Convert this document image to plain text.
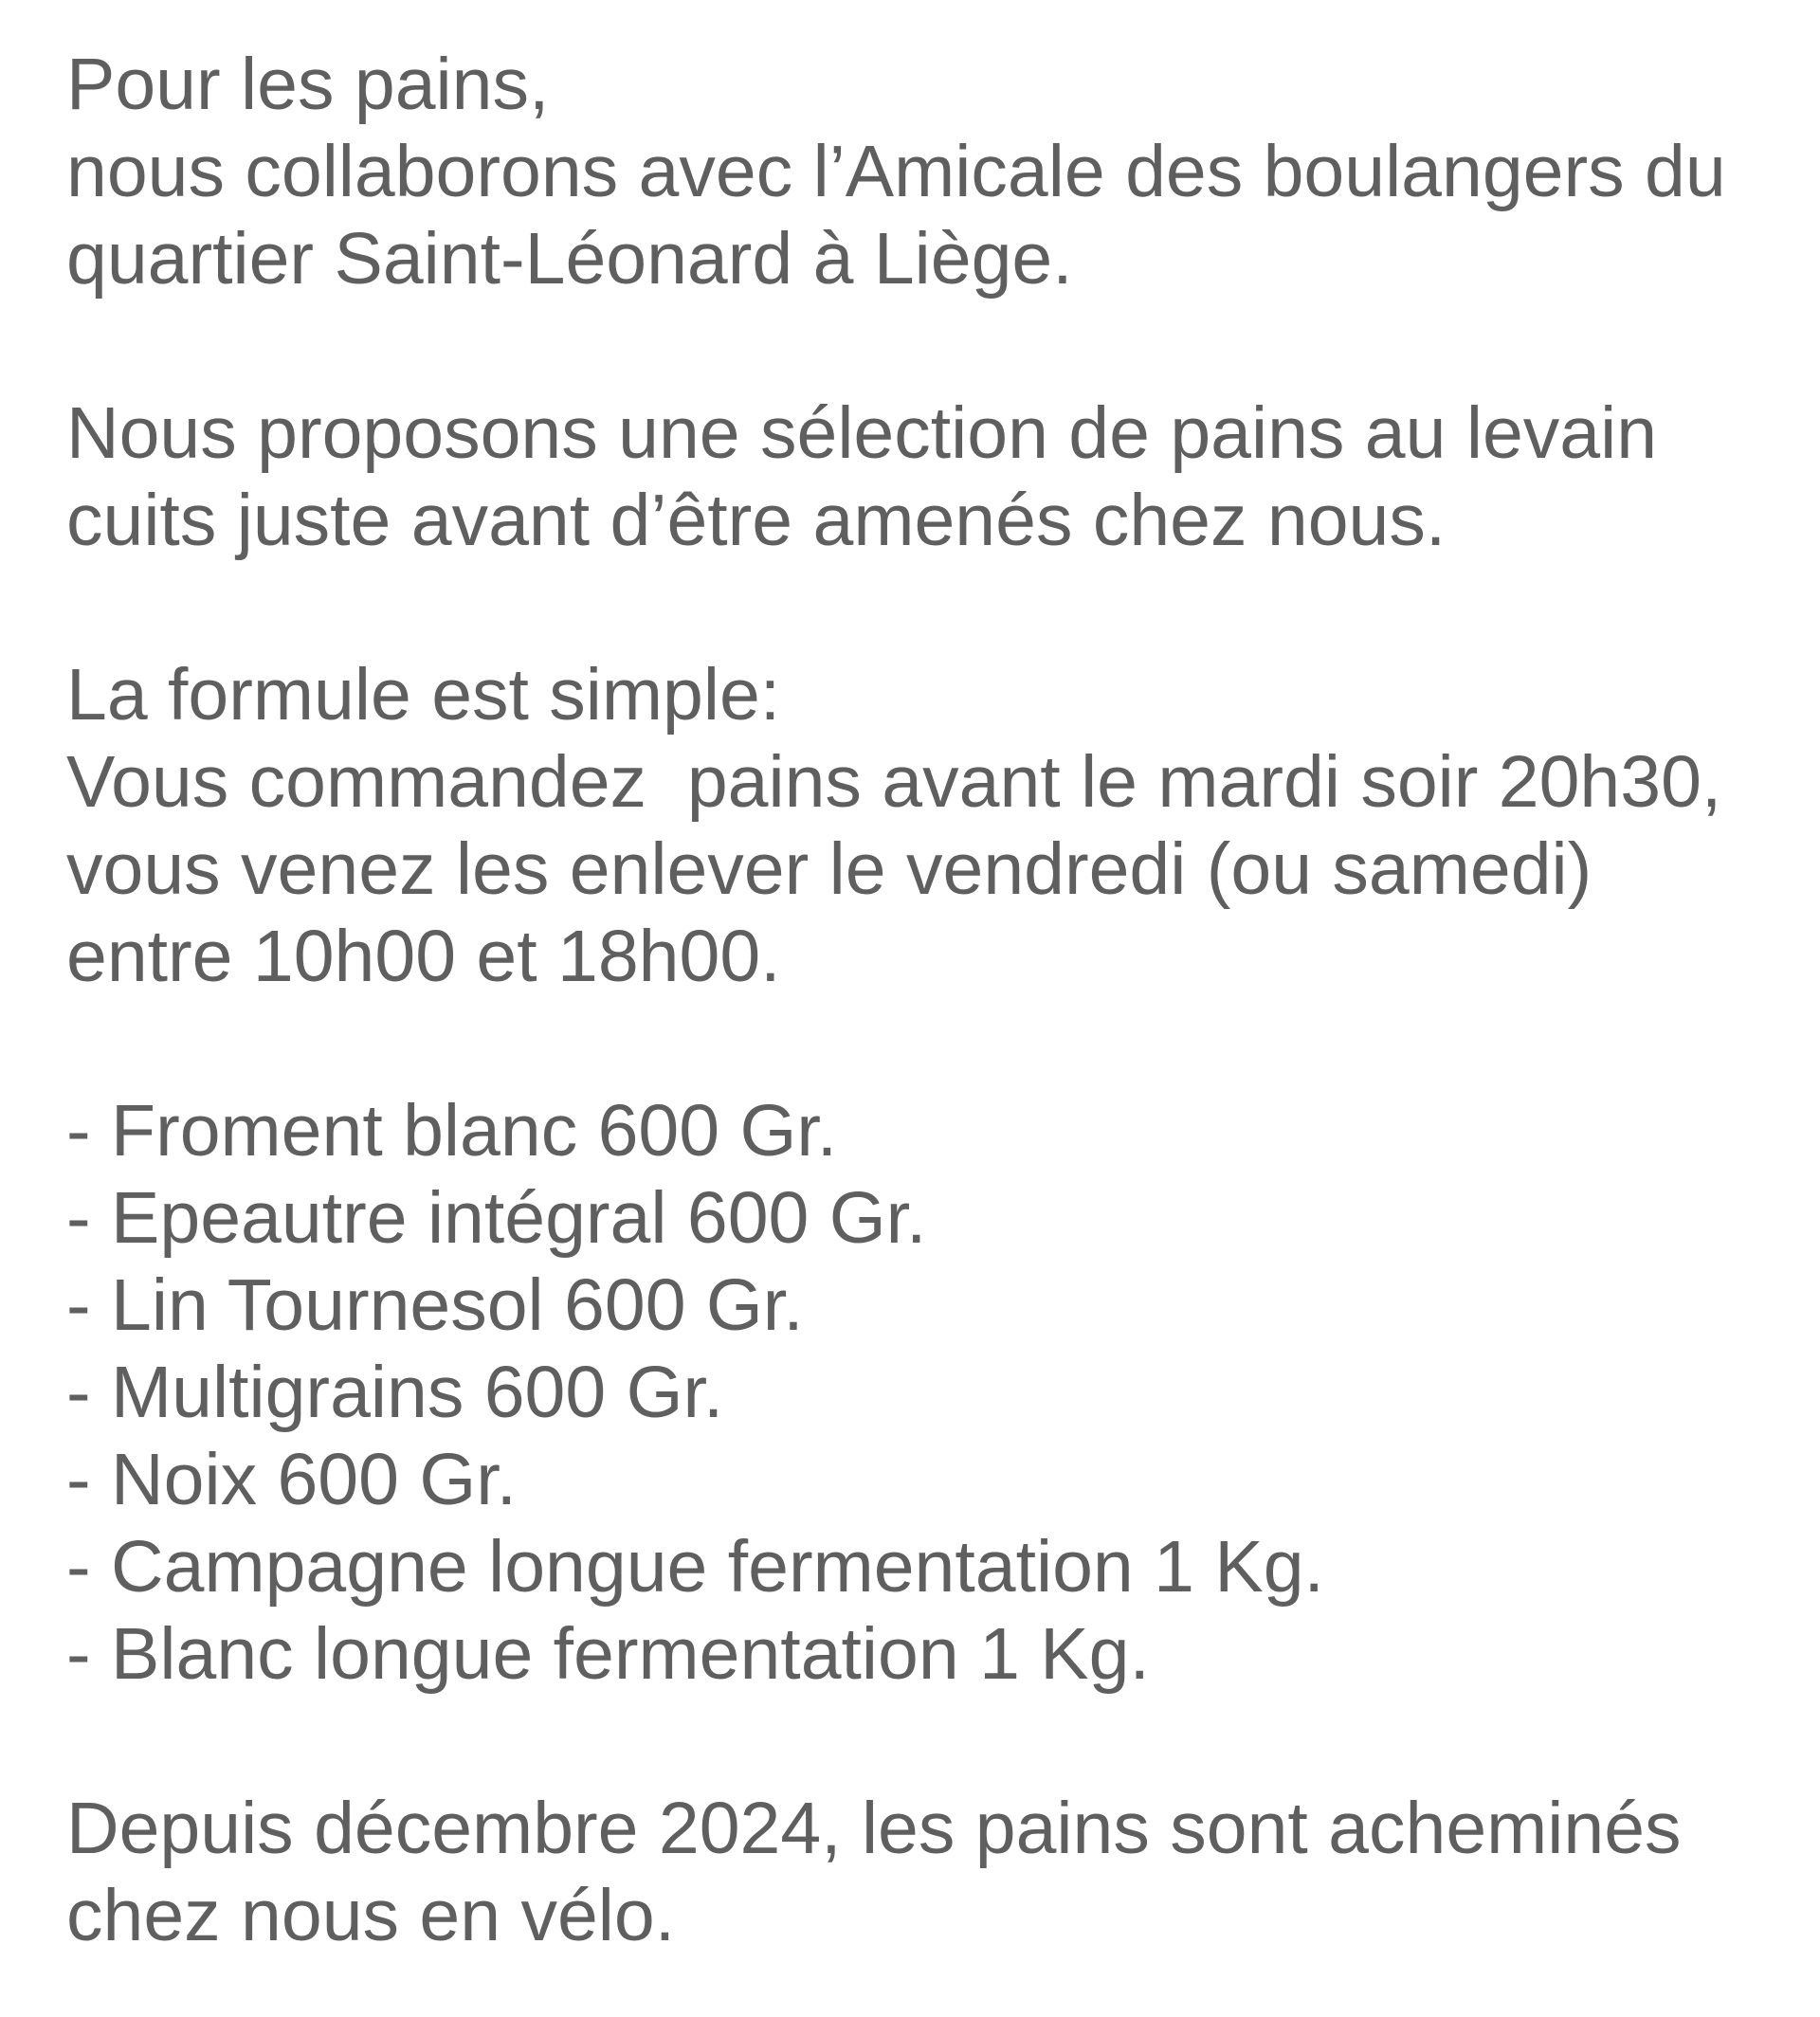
Pour les pains,
nous collaborons avec l’Amicale des boulangers du
quartier Saint-Léonard à Liège.
Nous proposons une sélection de pains au levain
cuits juste avant d’être amenés chez nous.
La formule est simple:
Vous commandez  pains avant le mardi soir 20h30,
vous venez les enlever le vendredi (ou samedi)
entre 10h00 et 18h00.
- Froment blanc 600 Gr.
- Epeautre intégral 600 Gr.
- Lin Tournesol 600 Gr.
- Multigrains 600 Gr.
- Noix 600 Gr.
- Campagne longue fermentation 1 Kg.
- Blanc longue fermentation 1 Kg.
Depuis décembre 2024, les pains sont acheminés
chez nous en vélo.
